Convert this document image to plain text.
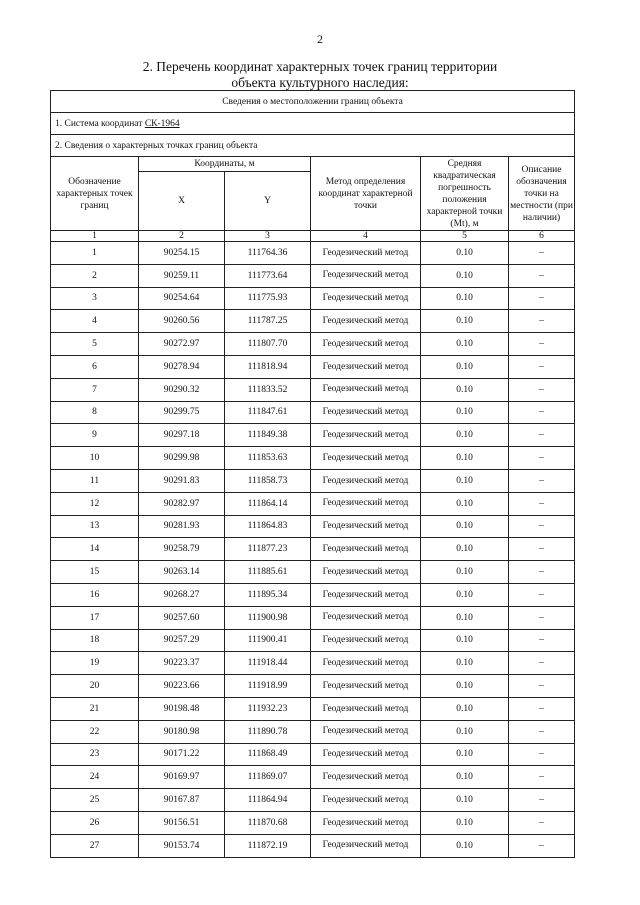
2
2. Перечень координат характерных точек границ территории
объекта культурного наследия:
Сведения о местоположении границ объекта					
1. Система координат СК-1964					
2. Сведения о характерных точках границ объекта					
Обозначение характерных точек границ	Координаты, м		Метод определения координат характерной точки	Средняя квадратическая погрешность положения характерной точки (Mt), м	Описание обозначения точки на местности (при наличии)
	X	Y			
1	2	3	4	5	6
1	90254.15	111764.36	Геодезический метод	0.10	–
2	90259.11	111773.64	Геодезический метод	0.10	–
3	90254.64	111775.93	Геодезический метод	0.10	–
4	90260.56	111787.25	Геодезический метод	0.10	–
5	90272.97	111807.70	Геодезический метод	0.10	–
6	90278.94	111818.94	Геодезический метод	0.10	–
7	90290.32	111833.52	Геодезический метод	0.10	–
8	90299.75	111847.61	Геодезический метод	0.10	–
9	90297.18	111849.38	Геодезический метод	0.10	–
10	90299.98	111853.63	Геодезический метод	0.10	–
11	90291.83	111858.73	Геодезический метод	0.10	–
12	90282.97	111864.14	Геодезический метод	0.10	–
13	90281.93	111864.83	Геодезический метод	0.10	–
14	90258.79	111877.23	Геодезический метод	0.10	–
15	90263.14	111885.61	Геодезический метод	0.10	–
16	90268.27	111895.34	Геодезический метод	0.10	–
17	90257.60	111900.98	Геодезический метод	0.10	–
18	90257.29	111900.41	Геодезический метод	0.10	–
19	90223.37	111918.44	Геодезический метод	0.10	–
20	90223.66	111918.99	Геодезический метод	0.10	–
21	90198.48	111932.23	Геодезический метод	0.10	–
22	90180.98	111890.78	Геодезический метод	0.10	–
23	90171.22	111868.49	Геодезический метод	0.10	–
24	90169.97	111869.07	Геодезический метод	0.10	–
25	90167.87	111864.94	Геодезический метод	0.10	–
26	90156.51	111870.68	Геодезический метод	0.10	–
27	90153.74	111872.19	Геодезический метод	0.10	–
